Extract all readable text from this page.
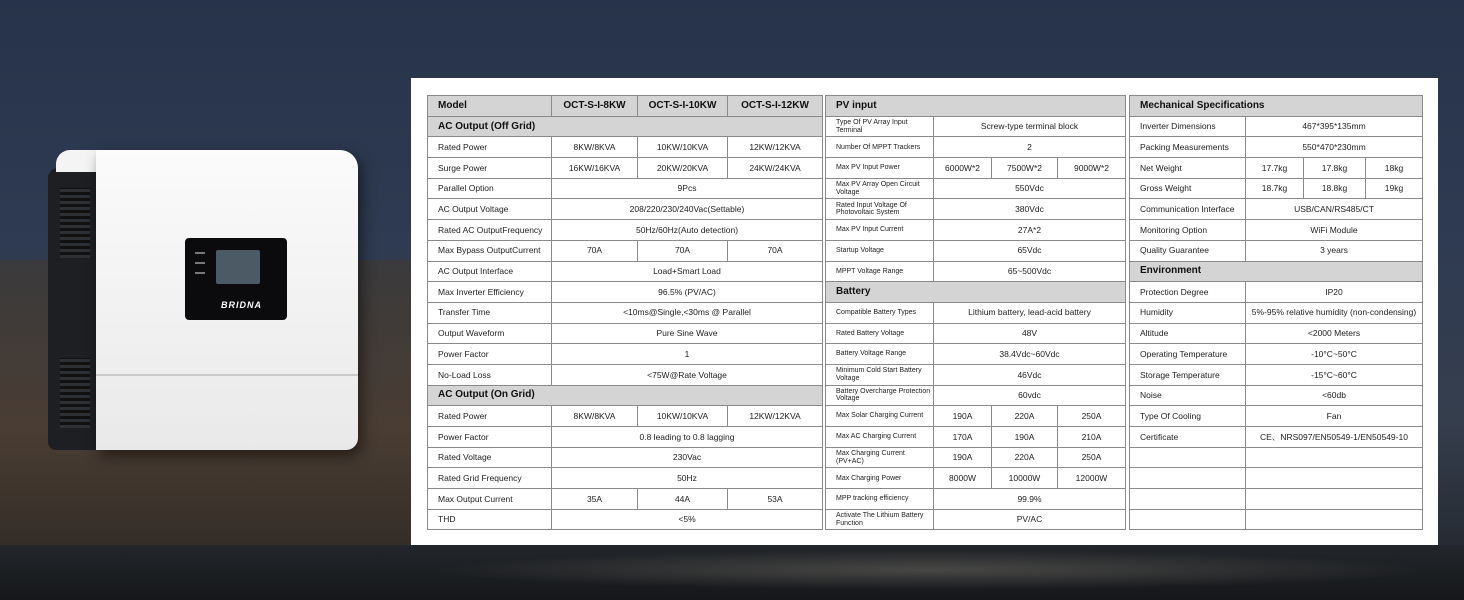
BRIDNA
Model	OCT-S-I-8KW	OCT-S-I-10KW	OCT-S-I-12KW
AC Output (Off Grid)			
Rated Power	8KW/8KVA	10KW/10KVA	12KW/12KVA
Surge Power	16KW/16KVA	20KW/20KVA	24KW/24KVA
Parallel Option	9Pcs		
AC Output Voltage	208/220/230/240Vac(Settable)		
Rated AC OutputFrequency	50Hz/60Hz(Auto detection)		
Max Bypass OutputCurrent	70A	70A	70A
AC Output Interface	Load+Smart Load		
Max Inverter Efficiency	96.5% (PV/AC)		
Transfer Time	<10ms@Single,<30ms @ Parallel		
Output Waveform	Pure Sine Wave		
Power Factor	1		
No-Load Loss	<75W@Rate Voltage		
AC Output (On Grid)			
Rated Power	8KW/8KVA	10KW/10KVA	12KW/12KVA
Power Factor	0.8 leading to 0.8 lagging		
Rated Voltage	230Vac		
Rated Grid Frequency	50Hz		
Max Output Current	35A	44A	53A
THD	<5%		
PV input			
Type Of PV Array Input Terminal	Screw-type terminal block		
Number Of MPPT Trackers	2		
Max PV Input Power	6000W*2	7500W*2	9000W*2
Max PV Array Open Circuit Voltage	550Vdc		
Rated Input Voltage Of Photovoltaic System	380Vdc		
Max PV Input Current	27A*2		
Startup Voltage	65Vdc		
MPPT Voltage Range	65~500Vdc		
Battery			
Compatible Battery Types	Lithium battery, lead-acid battery		
Rated Battery Voltage	48V		
Battery Voltage Range	38.4Vdc~60Vdc		
Minimum Cold Start Battery Voltage	46Vdc		
Battery Overcharge Protection Voltage	60vdc		
Max Solar Charging Current	190A	220A	250A
Max AC Charging Current	170A	190A	210A
Max Charging Current (PV+AC)	190A	220A	250A
Max Charging Power	8000W	10000W	12000W
MPP tracking efficiency	99.9%		
Activate The Lithium Battery Function	PV/AC		
Mechanical Specifications			
Inverter Dimensions	467*395*135mm		
Packing Measurements	550*470*230mm		
Net Weight	17.7kg	17.8kg	18kg
Gross Weight	18.7kg	18.8kg	19kg
Communication Interface	USB/CAN/RS485/CT		
Monitoring Option	WiFi Module		
Quality Guarantee	3 years		
Environment			
Protection Degree	IP20		
Humidity	5%-95% relative humidity (non-condensing)		
Altitude	<2000 Meters		
Operating Temperature	-10°C~50°C		
Storage Temperature	-15°C~60°C		
Noise	<60db		
Type Of Cooling	Fan		
Certificate	CE、NRS097/EN50549-1/EN50549-10		
